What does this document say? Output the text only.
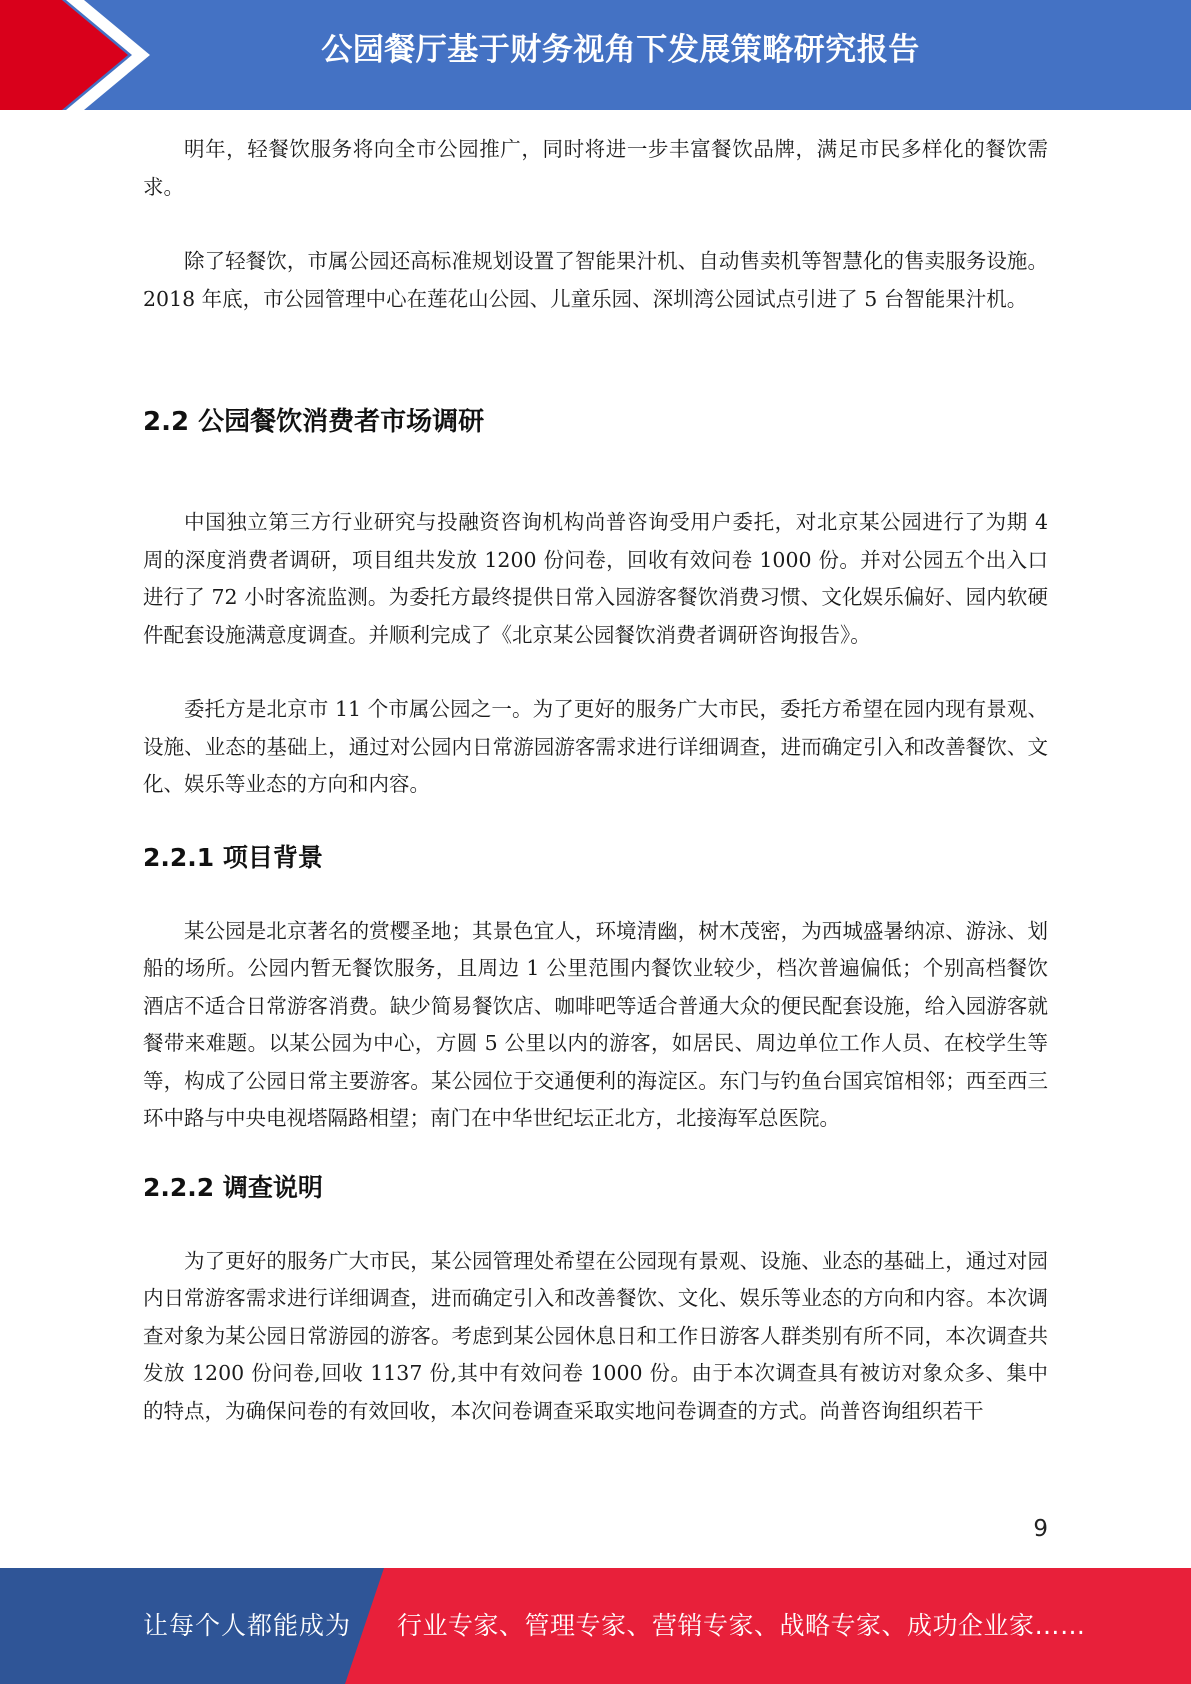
公园餐厅基于财务视角下发展策略研究报告

明年，轻餐饮服务将向全市公园推广，同时将进一步丰富餐饮品牌，满足市民多样化的餐饮需求。

除了轻餐饮，市属公园还高标准规划设置了智能果汁机、自动售卖机等智慧化的售卖服务设施。2018 年底，市公园管理中心在莲花山公园、儿童乐园、深圳湾公园试点引进了 5 台智能果汁机。

2.2 公园餐饮消费者市场调研

中国独立第三方行业研究与投融资咨询机构尚普咨询受用户委托，对北京某公园进行了为期 4 周的深度消费者调研，项目组共发放 1200 份问卷，回收有效问卷 1000 份。并对公园五个出入口进行了 72 小时客流监测。为委托方最终提供日常入园游客餐饮消费习惯、文化娱乐偏好、园内软硬件配套设施满意度调查。并顺利完成了《北京某公园餐饮消费者调研咨询报告》。

委托方是北京市 11 个市属公园之一。为了更好的服务广大市民，委托方希望在园内现有景观、设施、业态的基础上，通过对公园内日常游园游客需求进行详细调查，进而确定引入和改善餐饮、文化、娱乐等业态的方向和内容。

2.2.1 项目背景

某公园是北京著名的赏樱圣地；其景色宜人，环境清幽，树木茂密，为西城盛暑纳凉、游泳、划船的场所。公园内暂无餐饮服务，且周边 1 公里范围内餐饮业较少，档次普遍偏低；个别高档餐饮酒店不适合日常游客消费。缺少简易餐饮店、咖啡吧等适合普通大众的便民配套设施，给入园游客就餐带来难题。以某公园为中心，方圆 5 公里以内的游客，如居民、周边单位工作人员、在校学生等等，构成了公园日常主要游客。某公园位于交通便利的海淀区。东门与钓鱼台国宾馆相邻；西至西三环中路与中央电视塔隔路相望；南门在中华世纪坛正北方，北接海军总医院。

2.2.2 调查说明

为了更好的服务广大市民，某公园管理处希望在公园现有景观、设施、业态的基础上，通过对园内日常游客需求进行详细调查，进而确定引入和改善餐饮、文化、娱乐等业态的方向和内容。本次调查对象为某公园日常游园的游客。考虑到某公园休息日和工作日游客人群类别有所不同，本次调查共发放 1200 份问卷,回收 1137 份,其中有效问卷 1000 份。由于本次调查具有被访对象众多、集中的特点，为确保问卷的有效回收，本次问卷调查采取实地问卷调查的方式。尚普咨询组织若干

9
让每个人都能成为 行业专家、管理专家、营销专家、战略专家、成功企业家……
